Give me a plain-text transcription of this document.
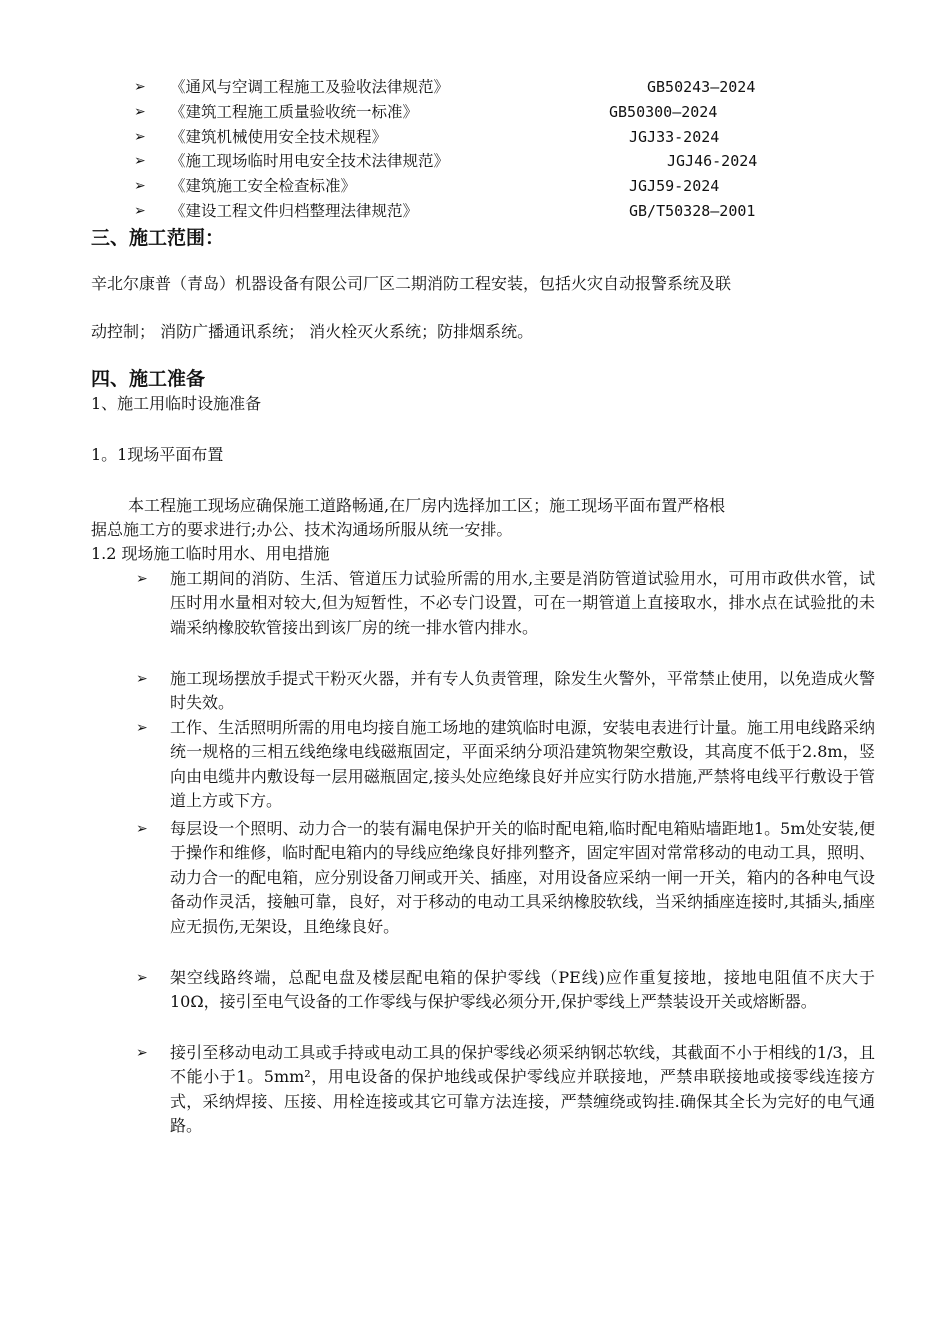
➢ 《通风与空调工程施工及验收法律规范》	GB50243—2024
➢ 《建筑工程施工质量验收统一标准》	GB50300—2024
➢ 《建筑机械使用安全技术规程》	JGJ33-2024
➢ 《施工现场临时用电安全技术法律规范》	JGJ46-2024
➢ 《建筑施工安全检查标准》	JGJ59-2024
➢ 《建设工程文件归档整理法律规范》	GB/T50328—2001
三、施工范围：
辛北尔康普（青岛）机器设备有限公司厂区二期消防工程安装，包括火灾自动报警系统及联
动控制； 消防广播通讯系统； 消火栓灭火系统；防排烟系统。
四、施工准备
1、施工用临时设施准备
1。1现场平面布置
本工程施工现场应确保施工道路畅通,在厂房内选择加工区；施工现场平面布置严格根
据总施工方的要求进行;办公、技术沟通场所服从统一安排。
1.2 现场施工临时用水、用电措施
➢ 施工期间的消防、生活、管道压力试验所需的用水,主要是消防管道试验用水，可用市政供水管，试压时用水量相对较大,但为短暂性，不必专门设置，可在一期管道上直接取水，排水点在试验批的未端采纳橡胶软管接出到该厂房的统一排水管内排水。
➢ 施工现场摆放手提式干粉灭火器，并有专人负责管理，除发生火警外，平常禁止使用，以免造成火警时失效。
➢ 工作、生活照明所需的用电均接自施工场地的建筑临时电源，安装电表进行计量。施工用电线路采纳统一规格的三相五线绝缘电线磁瓶固定，平面采纳分项沿建筑物架空敷设，其高度不低于2.8m，竖向由电缆井内敷设每一层用磁瓶固定,接头处应绝缘良好并应实行防水措施,严禁将电线平行敷设于管道上方或下方。
➢ 每层设一个照明、动力合一的装有漏电保护开关的临时配电箱,临时配电箱贴墙距地1。5m处安装,便于操作和维修，临时配电箱内的导线应绝缘良好排列整齐，固定牢固对常常移动的电动工具，照明、动力合一的配电箱，应分别设备刀闸或开关、插座，对用设备应采纳一闸一开关，箱内的各种电气设备动作灵活，接触可靠，良好，对于移动的电动工具采纳橡胶软线，当采纳插座连接时,其插头,插座应无损伤,无架设，且绝缘良好。
➢ 架空线路终端，总配电盘及楼层配电箱的保护零线（PE线)应作重复接地，接地电阻值不庆大于10Ω，接引至电气设备的工作零线与保护零线必须分开,保护零线上严禁装设开关或熔断器。
➢ 接引至移动电动工具或手持或电动工具的保护零线必须采纳钢芯软线，其截面不小于相线的1/3，且不能小于1。5mm²，用电设备的保护地线或保护零线应并联接地，严禁串联接地或接零线连接方式，采纳焊接、压接、用栓连接或其它可靠方法连接，严禁缠绕或钩挂.确保其全长为完好的电气通路。
